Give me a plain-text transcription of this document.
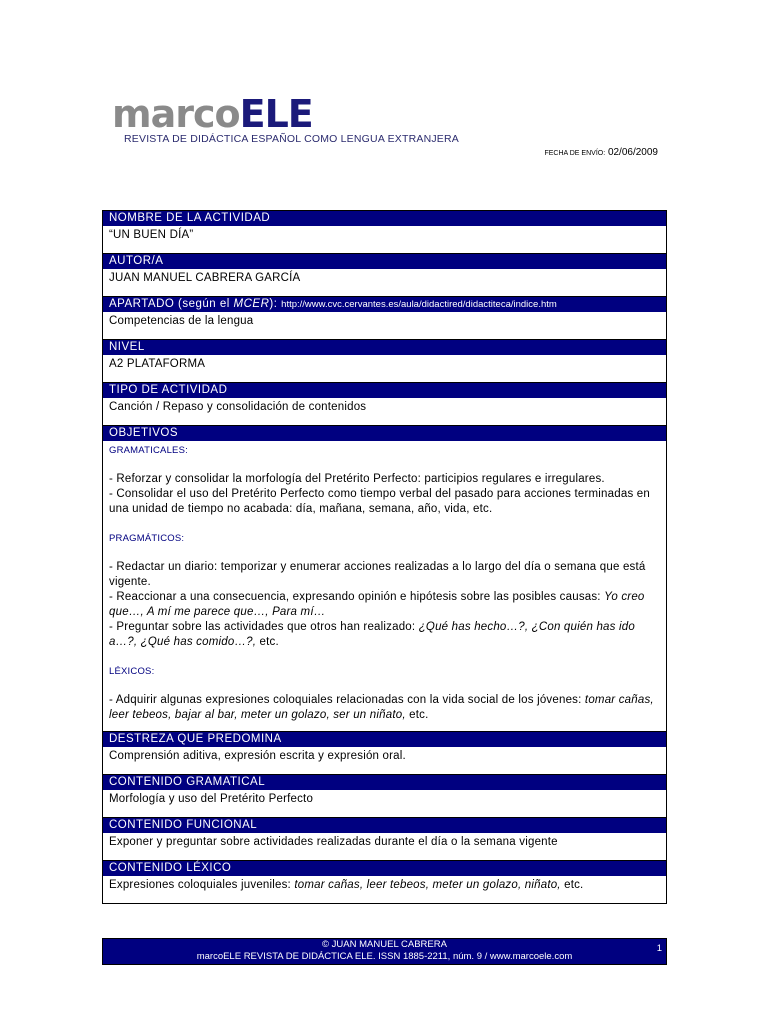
marcoELE
REVISTA DE DIDÁCTICA ESPAÑOL COMO LENGUA EXTRANJERA
FECHA DE ENVÍO: 02/06/2009
NOMBRE DE LA ACTIVIDAD
“UN BUEN DÍA”
AUTOR/A
JUAN MANUEL CABRERA GARCÍA
APARTADO (según el MCER): http://www.cvc.cervantes.es/aula/didactired/didactiteca/indice.htm
Competencias de la lengua
NIVEL
A2 PLATAFORMA
TIPO DE ACTIVIDAD
Canción / Repaso y consolidación de contenidos
OBJETIVOS
GRAMATICALES:
- Reforzar y consolidar la morfología del Pretérito Perfecto: participios regulares e irregulares.
- Consolidar el uso del Pretérito Perfecto como tiempo verbal del pasado para acciones terminadas en una unidad de tiempo no acabada: día, mañana, semana, año, vida, etc.
PRAGMÁTICOS:
- Redactar un diario: temporizar y enumerar acciones realizadas a lo largo del día o semana que está vigente.
- Reaccionar a una consecuencia, expresando opinión e hipótesis sobre las posibles causas: Yo creo que…, A mí me parece que…, Para mí…
- Preguntar sobre las actividades que otros han realizado: ¿Qué has hecho…?, ¿Con quién has ido a…?, ¿Qué has comido…?, etc.
LÉXICOS:
- Adquirir algunas expresiones coloquiales relacionadas con la vida social de los jóvenes: tomar cañas, leer tebeos, bajar al bar, meter un golazo, ser un niñato, etc.
DESTREZA QUE PREDOMINA
Comprensión aditiva, expresión escrita y expresión oral.
CONTENIDO GRAMATICAL
Morfología y uso del Pretérito Perfecto
CONTENIDO FUNCIONAL
Exponer y preguntar sobre actividades realizadas durante el día o la semana vigente
CONTENIDO LÉXICO
Expresiones coloquiales juveniles: tomar cañas, leer tebeos, meter un golazo, niñato, etc.
© JUAN MANUEL CABRERA
marcoELE REVISTA DE DIDÁCTICA ELE. ISSN 1885-2211, núm. 9 / www.marcoele.com
1
